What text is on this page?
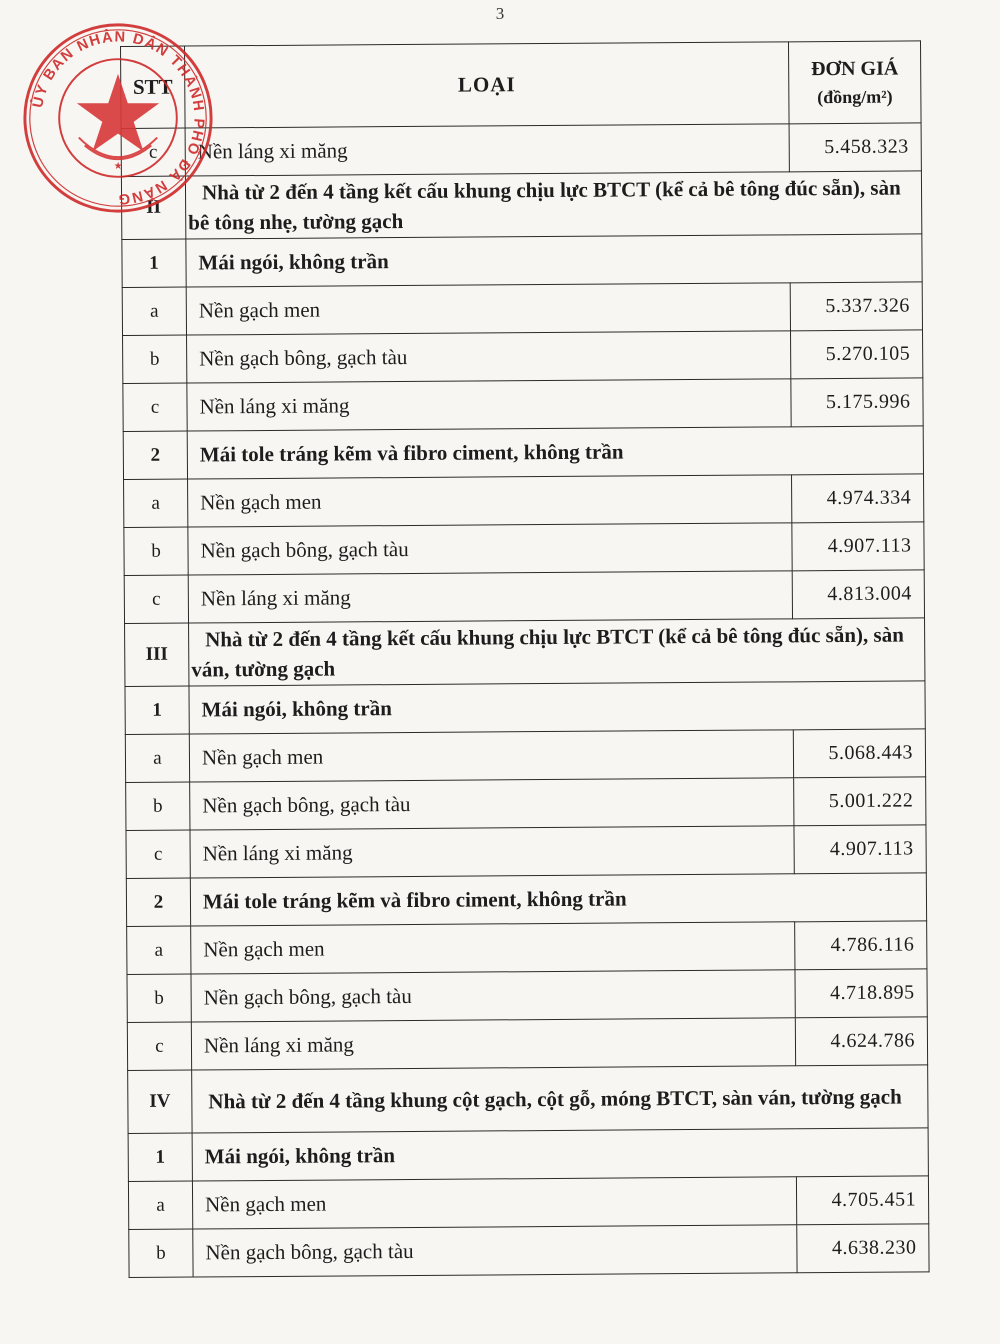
3
STT	LOẠI	ĐƠN GIÁ
(đồng/m²)

c	Nền láng xi măng	5.458.323
II	Nhà từ 2 đến 4 tầng kết cấu khung chịu lực BTCT (kể cả bê tông đúc sẵn), sàn bê tông nhẹ, tường gạch	
1	Mái ngói, không trần	
a	Nền gạch men	5.337.326
b	Nền gạch bông, gạch tàu	5.270.105
c	Nền láng xi măng	5.175.996
2	Mái tole tráng kẽm và fibro ciment, không trần	
a	Nền gạch men	4.974.334
b	Nền gạch bông, gạch tàu	4.907.113
c	Nền láng xi măng	4.813.004
III	Nhà từ 2 đến 4 tầng kết cấu khung chịu lực BTCT (kể cả bê tông đúc sẵn), sàn ván, tường gạch	
1	Mái ngói, không trần	
a	Nền gạch men	5.068.443
b	Nền gạch bông, gạch tàu	5.001.222
c	Nền láng xi măng	4.907.113
2	Mái tole tráng kẽm và fibro ciment, không trần	
a	Nền gạch men	4.786.116
b	Nền gạch bông, gạch tàu	4.718.895
c	Nền láng xi măng	4.624.786
IV	Nhà từ 2 đến 4 tầng khung cột gạch, cột gỗ, móng BTCT, sàn ván, tường gạch	
1	Mái ngói, không trần	
a	Nền gạch men	4.705.451
b	Nền gạch bông, gạch tàu	4.638.230
ỦY BAN NHÂN DÂN THÀNH PHỐ ĐÀ NẴNG
★
